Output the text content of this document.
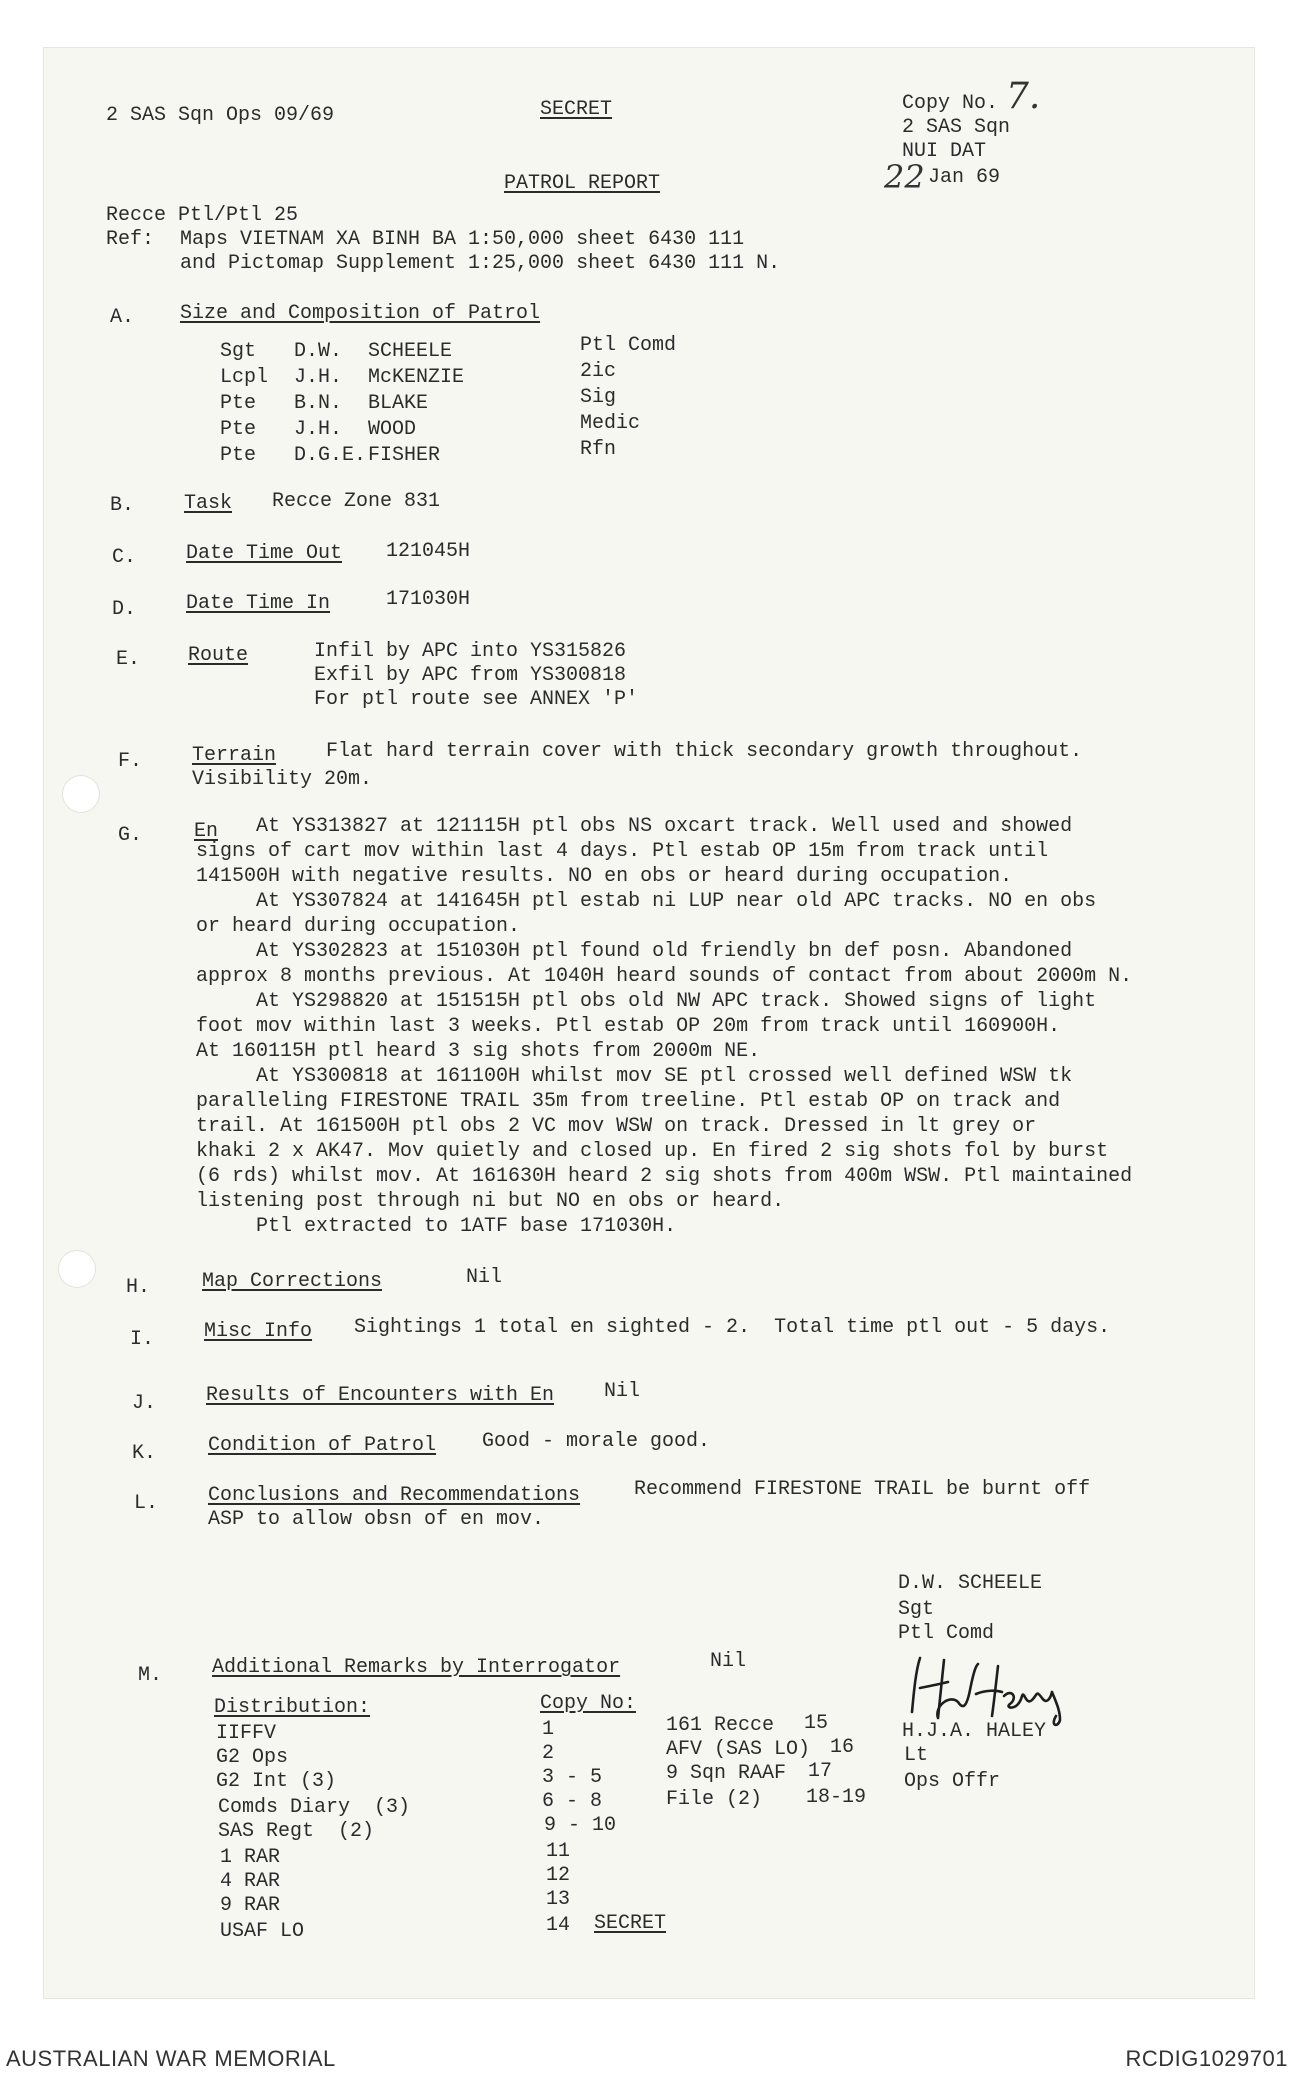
2 SAS Sqn Ops 09/69	SECRET	Copy No. 7.
2 SAS Sqn
NUI DAT
22 Jan 69
PATROL REPORT
Recce Ptl/Ptl 25
Ref: Maps VIETNAM XA BINH BA 1:50,000 sheet 6430 111
and Pictomap Supplement 1:25,000 sheet 6430 111 N.
A. Size and Composition of Patrol
Sgt D.W. SCHEELE	Ptl Comd
Lcpl J.H. McKENZIE	2ic
Pte B.N. BLAKE	Sig
Pte J.H. WOOD	Medic
Pte D.G.E. FISHER	Rfn
B. Task Recce Zone 831
C. Date Time Out 121045H
D. Date Time In	171030H
E. Route	Infil by APC into YS315826
Exfil by APC from YS300818
For ptl route see ANNEX 'P'
F. Terrain Flat hard terrain cover with thick secondary growth throughout.
Visibility 20m.
G.	En At YS313827 at 121115H ptl obs NS oxcart track. Well used and showed
signs of cart mov within last 4 days. Ptl estab OP 15m from track until
141500H with negative results. NO en obs or heard during occupation.
At YS307824 at 141645H ptl estab ni LUP near old APC tracks. NO en obs
or heard during occupation.
At YS302823 at 151030H ptl found old friendly bn def posn. Abandoned
approx 8 months previous. At 1040H heard sounds of contact from about 2000m N.
At YS298820 at 151515H ptl obs old NW APC track. Showed signs of light
foot mov within last 3 weeks. Ptl estab OP 20m from track until 160900H.
At 160115H ptl heard 3 sig shots from 2000m NE.
At YS300818 at 161100H whilst mov SE ptl crossed well defined WSW tk
paralleling FIRESTONE TRAIL 35m from treeline. Ptl estab OP on track and
trail. At 161500H ptl obs 2 VC mov WSW on track. Dressed in lt grey or
khaki 2 x AK47. Mov quietly and closed up. En fired 2 sig shots fol by burst
(6 rds) whilst mov. At 161630H heard 2 sig shots from 400m WSW. Ptl maintained
listening post through ni but NO en obs or heard.
Ptl extracted to 1ATF base 171030H.
H.	Map Corrections	Nil
I. Misc Info Sightings 1 total en sighted - 2.  Total time ptl out - 5 days.
J. Results of Encounters with En Nil
K.	Condition of Patrol Good - morale good.
L. Conclusions and Recommendations	Recommend FIRESTONE TRAIL be burnt off
ASP to allow obsn of en mov.
D.W. SCHEELE
Sgt
Ptl Comd
M. Additional Remarks by Interrogator	Nil
Distribution:	Copy No:
IIFFV	1
G2 Ops	2
G2 Int (3)	3 - 5
Comds Diary  (3)	6 - 8
SAS Regt  (2)	9 - 10
1 RAR	11
4 RAR	12
9 RAR	13
USAF LO	14 SECRET
161 Recce 15
AFV (SAS LO) 16
9 Sqn RAAF 17
File (2) 18-19
H.J.A. HALEY
Lt
Ops Offr
AUSTRALIAN WAR MEMORIAL	RCDIG1029701
